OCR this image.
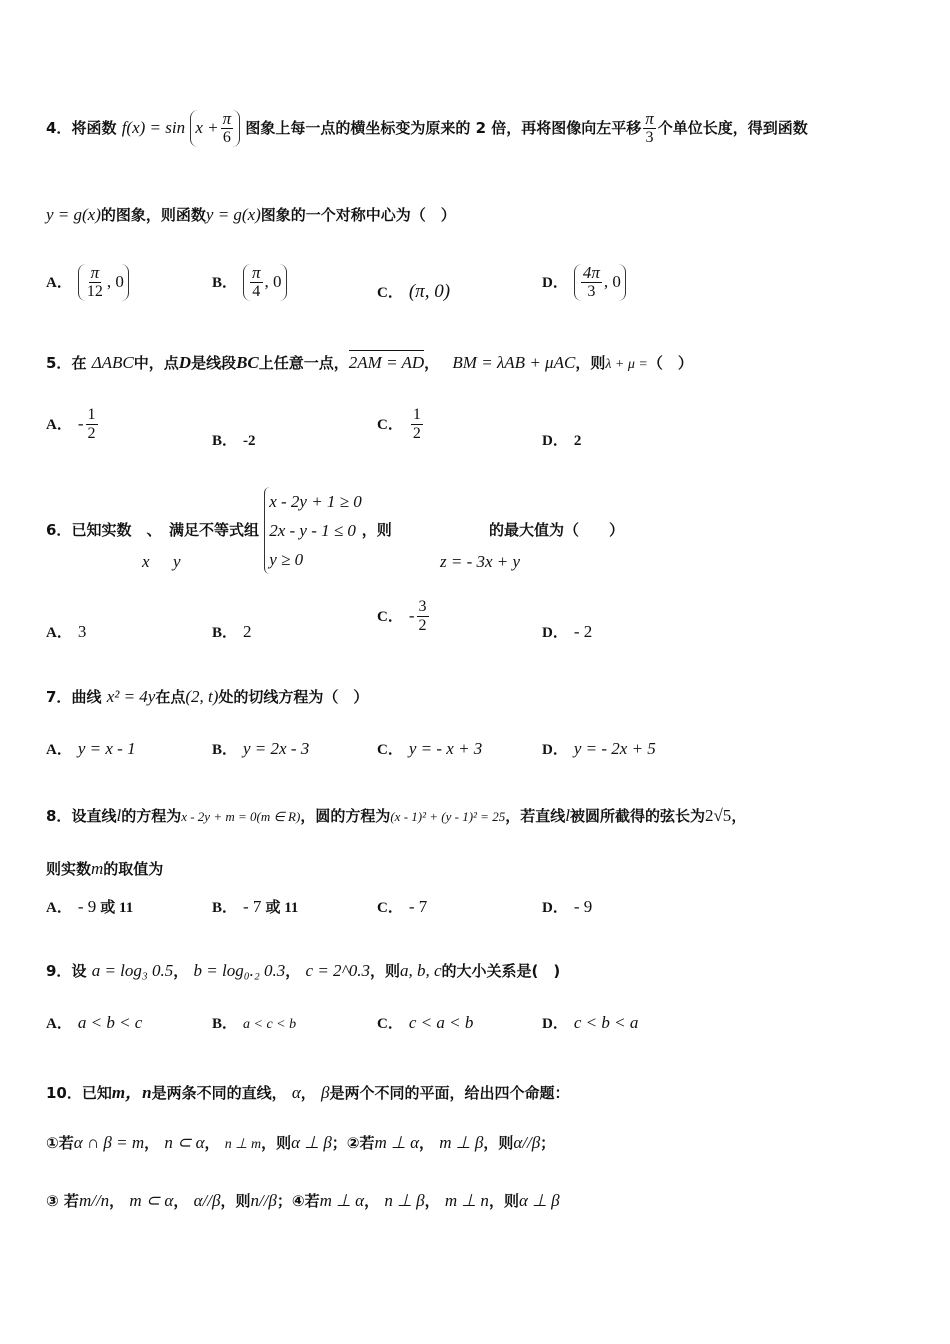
4．将函数 $f(x) = \sin x + \frac{\pi}{6}$ 图象上每一点的横坐标变为原来的 2 倍，再将图像向左平移 $\frac{\pi}{3}$ 个单位长度，得到函数
y = g(x)的图象，则函数y = g(x)图象的一个对称中心为（　）
A． $\frac{\pi}{12}$ , 0	B． $\frac{\pi}{4}$ , 0
C． (π, 0)	D． $\frac{4\pi}{3}$ , 0
5．在 ΔABC中，点D是线段BC上任意一点，2AM = AD， BM = λAB + μAC，则λ + μ =（　）
A． - $\frac{1}{2}$	B． -2
C． $\frac{1}{2}$	D． 2
6．已知实数　、　满足不等式组
x - 2y + 1 ≥ 0
2x - y - 1 ≤ 0
y ≥ 0
，则	的最大值为（　　）
x y	z = - 3x + y
A． 3	B． 2
C． - $\frac{3}{2}$	D． - 2
7．曲线 x² = 4y在点(2, t)处的切线方程为（　）
A． y = x - 1	B． y = 2x - 3	C． y = - x + 3	D． y = - 2x + 5
8．设直线l的方程为x - 2y + m = 0(m ∈ R)，圆的方程为(x - 1)² + (y - 1)² = 25，若直线l被圆所截得的弦长为2√5，
则实数m的取值为
A． - 9 或 11	B． - 7 或 11	C． - 7	D． - 9
9．设 a = log₃ 0.5， b = log₀.₂ 0.3， c = 2^0.3，则a, b, c的大小关系是(　)
A． a < b < c	B． a < c < b	C． c < a < b	D． c < b < a
10．已知m，n是两条不同的直线， α， β是两个不同的平面，给出四个命题：
①若α ∩ β = m， n ⊂ α， n ⊥ m，则α ⊥ β；②若m ⊥ α， m ⊥ β，则α//β；
③ 若m//n， m ⊂ α， α//β，则n//β；④若m ⊥ α， n ⊥ β， m ⊥ n，则α ⊥ β
